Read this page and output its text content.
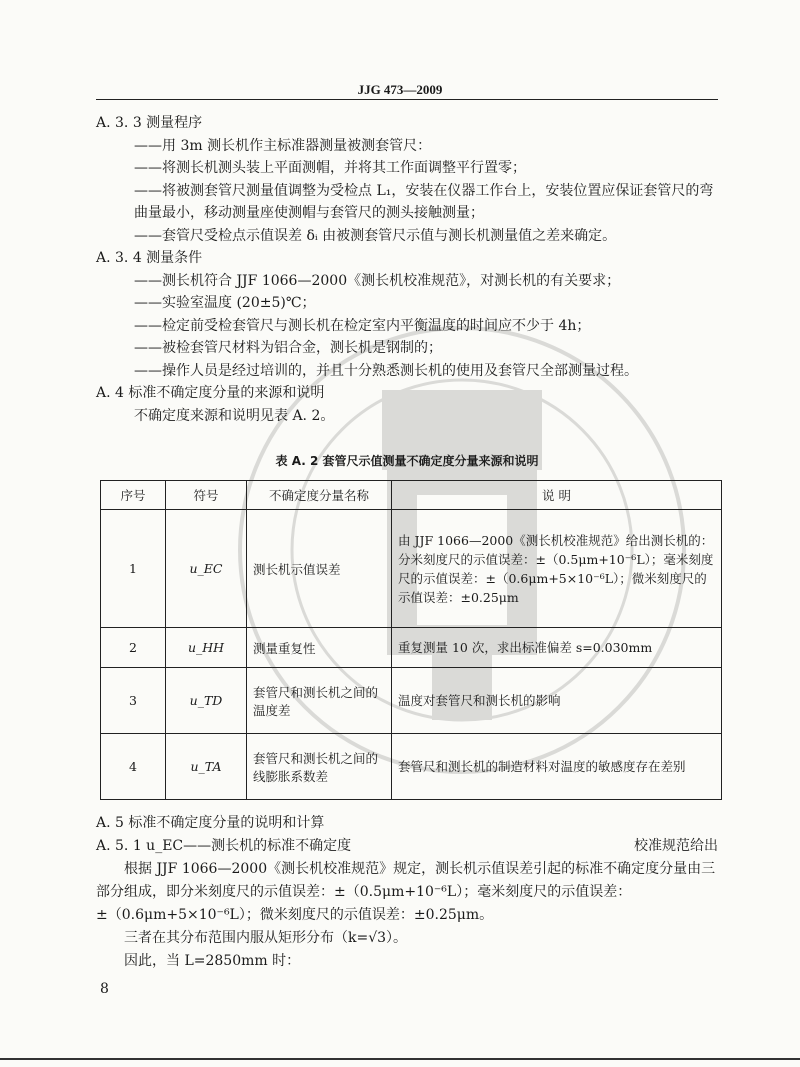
JJG 473—2009
A. 3. 3 测量程序
——用 3m 测长机作主标准器测量被测套管尺：
——将测长机测头装上平面测帽，并将其工作面调整平行置零；
——将被测套管尺测量值调整为受检点 L₁，安装在仪器工作台上，安装位置应保证套管尺的弯曲量最小，移动测量座使测帽与套管尺的测头接触测量；
——套管尺受检点示值误差 δᵢ 由被测套管尺示值与测长机测量值之差来确定。
A. 3. 4 测量条件
——测长机符合 JJF 1066—2000《测长机校准规范》，对测长机的有关要求；
——实验室温度 (20±5)℃；
——检定前受检套管尺与测长机在检定室内平衡温度的时间应不少于 4h；
——被检套管尺材料为铝合金，测长机是钢制的；
——操作人员是经过培训的，并且十分熟悉测长机的使用及套管尺全部测量过程。
A. 4 标准不确定度分量的来源和说明
不确定度来源和说明见表 A. 2。
表 A. 2 套管尺示值测量不确定度分量来源和说明
序号	符号	不确定度分量名称	说 明
1	u_EC	测长机示值误差	由 JJF 1066—2000《测长机校准规范》给出测长机的：分米刻度尺的示值误差：±（0.5μm+10⁻⁶L）；毫米刻度尺的示值误差：±（0.6μm+5×10⁻⁶L）；微米刻度尺的示值误差：±0.25μm
2	u_HH	测量重复性	重复测量 10 次，求出标准偏差 s=0.030mm
3	u_TD	套管尺和测长机之间的温度差	温度对套管尺和测长机的影响
4	u_TA	套管尺和测长机之间的线膨胀系数差	套管尺和测长机的制造材料对温度的敏感度存在差别
A. 5 标准不确定度分量的说明和计算
A. 5. 1 u_EC——测长机的标准不确定度	校准规范给出
根据 JJF 1066—2000《测长机校准规范》规定，测长机示值误差引起的标准不确定度分量由三部分组成，即分米刻度尺的示值误差：±（0.5μm+10⁻⁶L）；毫米刻度尺的示值误差：±（0.6μm+5×10⁻⁶L）；微米刻度尺的示值误差：±0.25μm。
三者在其分布范围内服从矩形分布（k=√3）。
因此，当 L=2850mm 时：
8
